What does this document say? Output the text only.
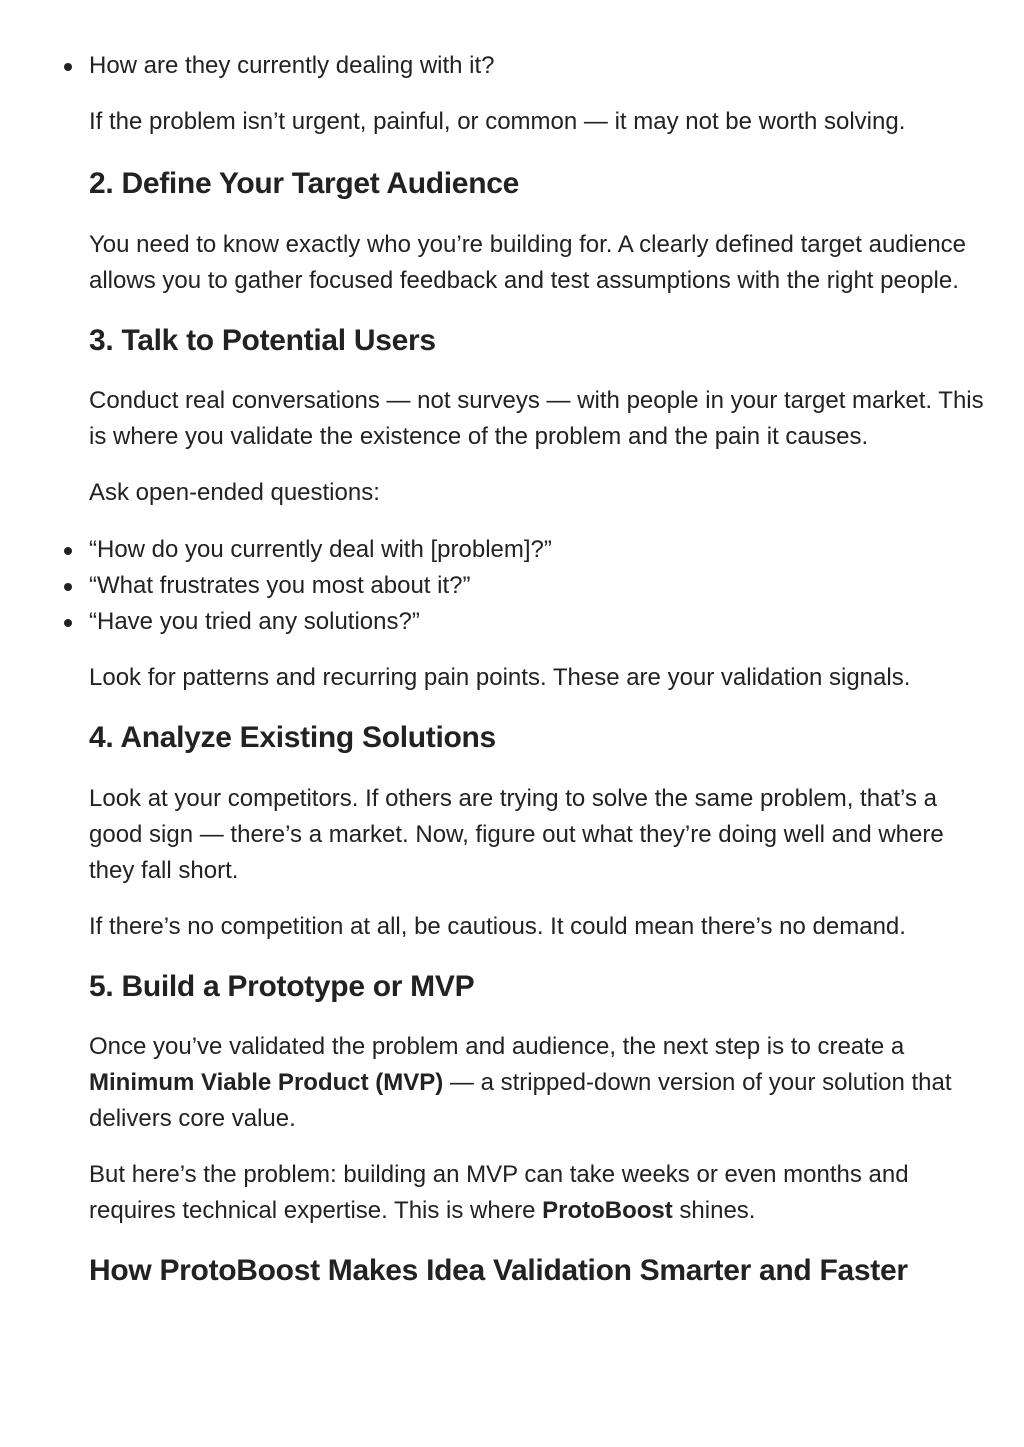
How are they currently dealing with it?

If the problem isn’t urgent, painful, or common — it may not be worth solving.

2. Define Your Target Audience

You need to know exactly who you’re building for. A clearly defined target audience allows you to gather focused feedback and test assumptions with the right people.

3. Talk to Potential Users

Conduct real conversations — not surveys — with people in your target market. This is where you validate the existence of the problem and the pain it causes.

Ask open-ended questions:

“How do you currently deal with [problem]?”
“What frustrates you most about it?”
“Have you tried any solutions?”

Look for patterns and recurring pain points. These are your validation signals.

4. Analyze Existing Solutions

Look at your competitors. If others are trying to solve the same problem, that’s a good sign — there’s a market. Now, figure out what they’re doing well and where they fall short.

If there’s no competition at all, be cautious. It could mean there’s no demand.

5. Build a Prototype or MVP

Once you’ve validated the problem and audience, the next step is to create a Minimum Viable Product (MVP) — a stripped-down version of your solution that delivers core value.

But here’s the problem: building an MVP can take weeks or even months and requires technical expertise. This is where ProtoBoost shines.

How ProtoBoost Makes Idea Validation Smarter and Faster
